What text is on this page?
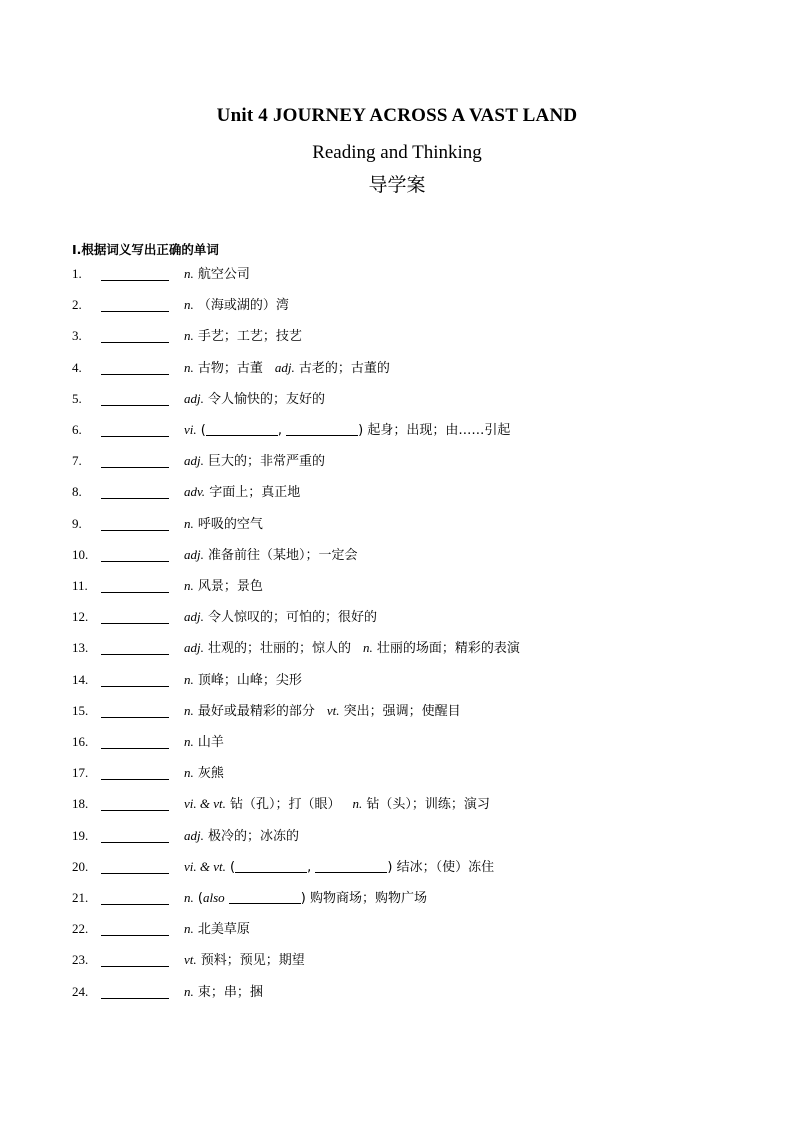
Unit 4 JOURNEY ACROSS A VAST LAND
Reading and Thinking
导学案
I.根据词义写出正确的单词
1.	n. 航空公司
2.	n. （海或湖的）湾
3.	n. 手艺；工艺；技艺
4.	n. 古物；古董 adj. 古老的；古董的
5.	adj. 令人愉快的；友好的
6.	vi. (	,	) 起身；出现；由……引起
7.	adj. 巨大的；非常严重的
8.	adv. 字面上；真正地
9.	n. 呼吸的空气
10.	adj. 准备前往（某地）；一定会
11.	n. 风景；景色
12.	adj. 令人惊叹的；可怕的；很好的
13.	adj. 壮观的；壮丽的；惊人的 n. 壮丽的场面；精彩的表演
14.	n. 顶峰；山峰；尖形
15.	n. 最好或最精彩的部分 vt. 突出；强调；使醒目
16.	n. 山羊
17.	n. 灰熊
18.	vi. & vt. 钻（孔）；打（眼） n. 钻（头）；训练；演习
19.	adj. 极冷的；冰冻的
20.	vi. & vt. (	,	) 结冰；（使）冻住
21.	n. (also	) 购物商场；购物广场
22.	n. 北美草原
23.	vt. 预料；预见；期望
24.	n. 束；串；捆
